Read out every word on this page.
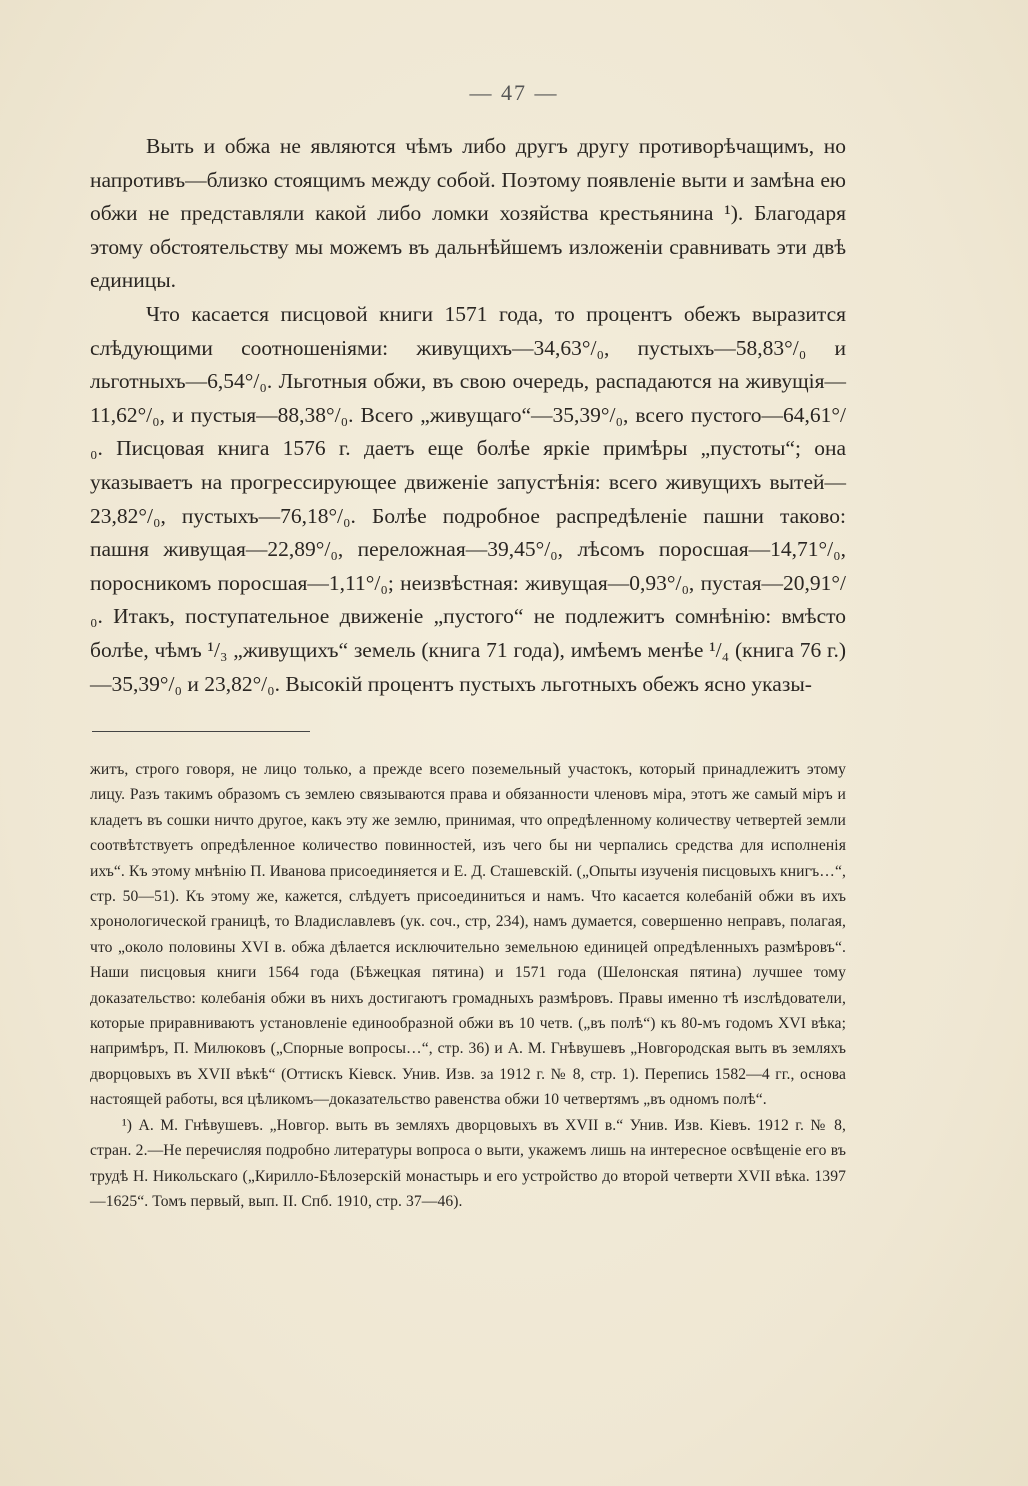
— 47 —

Выть и обжа не являются чѣмъ либо другъ другу противорѣчащимъ, но напротивъ—близко стоящимъ между собой. Поэтому появленіе выти и замѣна ею обжи не представляли какой либо ломки хозяйства крестьянина ¹). Благодаря этому обстоятельству мы можемъ въ дальнѣйшемъ изложеніи сравнивать эти двѣ единицы.

Что касается писцовой книги 1571 года, то процентъ обежъ выразится слѣдующими соотношеніями: живущихъ—34,63°/₀, пустыхъ—58,83°/₀ и льготныхъ—6,54°/₀. Льготныя обжи, въ свою очередь, распадаются на живущія—11,62°/₀, и пустыя—88,38°/₀. Всего „живущаго“—35,39°/₀, всего пустого—64,61°/₀. Писцовая книга 1576 г. даетъ еще болѣе яркіе примѣры „пустоты“; она указываетъ на прогрессирующее движеніе запустѣнія: всего живущихъ вытей—23,82°/₀, пустыхъ—76,18°/₀. Болѣе подробное распредѣленіе пашни таково: пашня живущая—22,89°/₀, переложная—39,45°/₀, лѣсомъ поросшая—14,71°/₀, поросникомъ поросшая—1,11°/₀; неизвѣстная: живущая—0,93°/₀, пустая—20,91°/₀. Итакъ, поступательное движеніе „пустого“ не подлежитъ сомнѣнію: вмѣсто болѣе, чѣмъ ¹/₃ „живущихъ“ земель (книга 71 года), имѣемъ менѣе ¹/₄ (книга 76 г.)—35,39°/₀ и 23,82°/₀. Высокій процентъ пустыхъ льготныхъ обежъ ясно указы-

житъ, строго говоря, не лицо только, а прежде всего поземельный участокъ, который принадлежитъ этому лицу. Разъ такимъ образомъ съ землею связываются права и обязанности членовъ міра, этотъ же самый міръ и кладетъ въ сошки ничто другое, какъ эту же землю, принимая, что опредѣленному количеству четвертей земли соотвѣтствуетъ опредѣленное количество повинностей, изъ чего бы ни черпались средства для исполненія ихъ“. Къ этому мнѣнію П. Иванова присоединяется и Е. Д. Сташевскій. („Опыты изученія писцовыхъ книгъ…“, стр. 50—51). Къ этому же, кажется, слѣдуетъ присоединиться и намъ. Что касается колебаній обжи въ ихъ хронологической границѣ, то Владиславлевъ (ук. соч., стр, 234), намъ думается, совершенно неправъ, полагая, что „около половины XVI в. обжа дѣлается исключительно земельною единицей опредѣленныхъ размѣровъ“. Наши писцовыя книги 1564 года (Бѣжецкая пятина) и 1571 года (Шелонская пятина) лучшее тому доказательство: колебанія обжи въ нихъ достигаютъ громадныхъ размѣровъ. Правы именно тѣ изслѣдователи, которые приравниваютъ установленіе единообразной обжи въ 10 четв. („въ полѣ“) къ 80-мъ годомъ XVI вѣка; напримѣръ, П. Милюковъ („Спорные вопросы…“, стр. 36) и А. М. Гнѣвушевъ „Новгородская выть въ земляхъ дворцовыхъ въ XVII вѣкѣ“ (Оттискъ Кіевск. Унив. Изв. за 1912 г. № 8, стр. 1). Перепись 1582—4 гг., основа настоящей работы, вся цѣликомъ—доказательство равенства обжи 10 четвертямъ „въ одномъ полѣ“.

¹) А. М. Гнѣвушевъ. „Новгор. выть въ земляхъ дворцовыхъ въ XVII в.“ Унив. Изв. Кіевъ. 1912 г. № 8, стран. 2.—Не перечисляя подробно литературы вопроса о выти, укажемъ лишь на интересное освѣщеніе его въ трудѣ Н. Никольскаго („Кириллo-Бѣлозерскій монастырь и его устройство до второй четверти XVII вѣка. 1397—1625“. Томъ первый, вып. II. Спб. 1910, стр. 37—46).
